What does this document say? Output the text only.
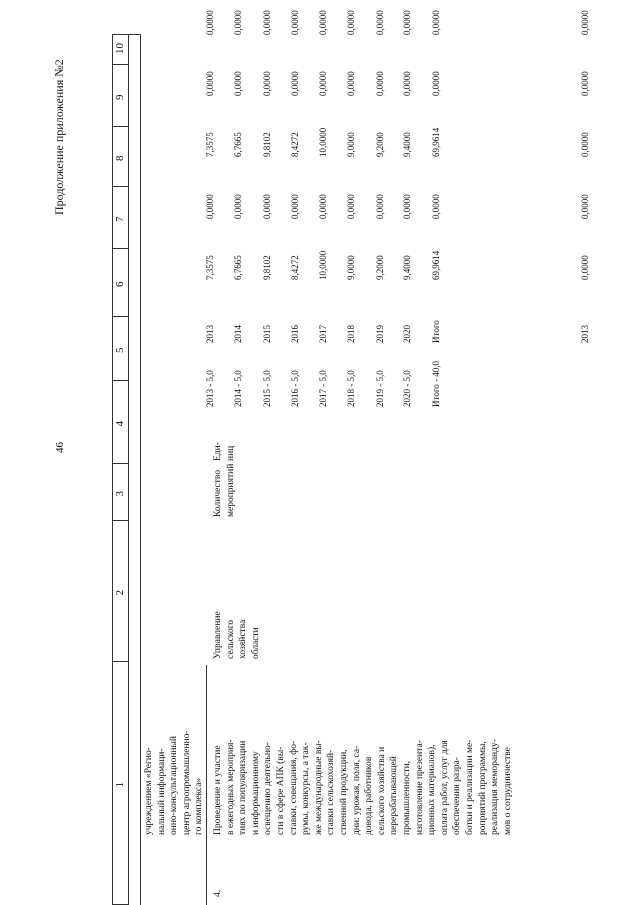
46
Продолжение приложения №2
1
2
3
4
5
6
7
8
9
10
учреждением «Регио- нальный информаци- онно-консультационный центр агропромышленно- го комплекса»
4.
Проведение и участие в ежегодных мероприя- тиях по популяризации и информационному освещению деятельно- сти в сфере АПК (вы- ставки, совещания, фо- румы, конкурсы, а так- же международные вы- ставки сельскохозяй- ственной продукции, дни: урожая, поля, са- довода, работников сельского хозяйства и перерабатывающей промышленности, изготовление презента- ционных материалов), оплата работ, услуг для обеспечения разра- ботки и реализации ме- роприятий программы, реализация меморанду- мов о сотрудничестве
Управление сельского хозяйства области
Количество мероприятий
Еди- ниц
2013 - 5,0
2013
7,3575
0,0000
7,3575
0,0000
0,0000
2014 - 5,0
2014
6,7665
0,0000
6,7665
0,0000
0,0000
2015 - 5,0
2015
9,8102
0,0000
9,8102
0,0000
0,0000
2016 - 5,0
2016
8,4272
0,0000
8,4272
0,0000
0,0000
2017 - 5,0
2017
10,0000
0,0000
10,0000
0,0000
0,0000
2018 - 5,0
2018
9,0000
0,0000
9,0000
0,0000
0,0000
2019 - 5,0
2019
9,2000
0,0000
9,2000
0,0000
0,0000
2020 - 5,0
2020
9,4000
0,0000
9,4000
0,0000
0,0000
Итого - 40,0
Итого
69,9614
0,0000
69,9614
0,0000
0,0000
2013
0,0000
0,0000
0,0000
0,0000
0,0000
